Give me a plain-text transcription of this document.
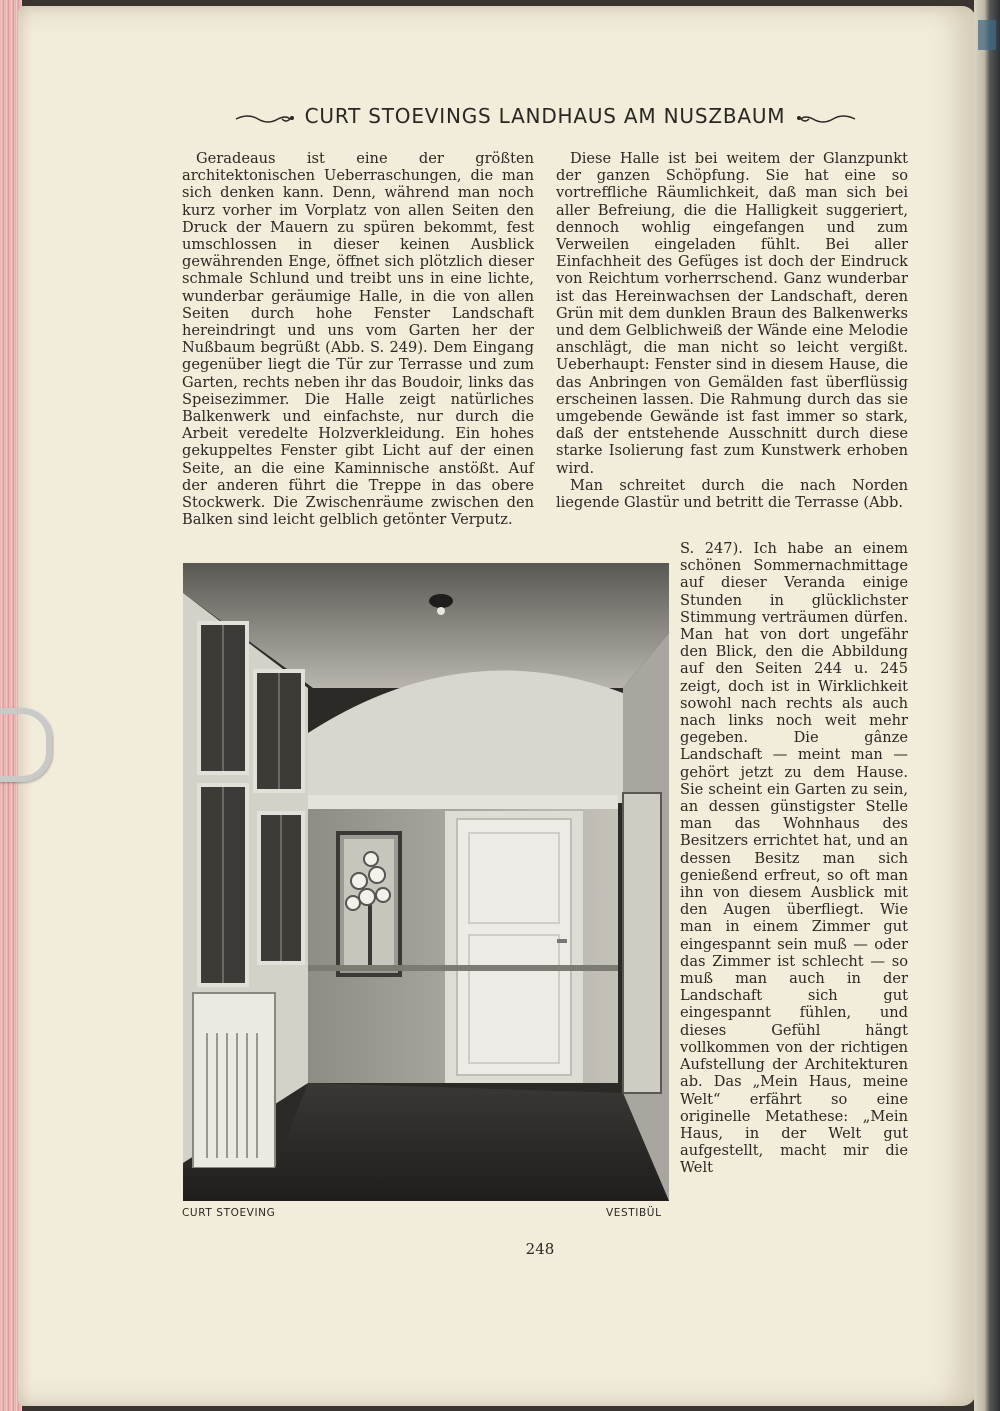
CURT STOEVINGS LANDHAUS AM NUSZBAUM

Geradeaus ist eine der größten architektonischen Ueberraschungen, die man sich denken kann. Denn, während man noch kurz vorher im Vorplatz von allen Seiten den Druck der Mauern zu spüren bekommt, fest umschlossen in dieser keinen Ausblick gewährenden Enge, öffnet sich plötzlich dieser schmale Schlund und treibt uns in eine lichte, wunderbar geräumige Halle, in die von allen Seiten durch hohe Fenster Landschaft hereindringt und uns vom Garten her der Nußbaum begrüßt (Abb. S. 249). Dem Eingang gegenüber liegt die Tür zur Terrasse und zum Garten, rechts neben ihr das Boudoir, links das Speisezimmer. Die Halle zeigt natürliches Balkenwerk und einfachste, nur durch die Arbeit veredelte Holzverkleidung. Ein hohes gekuppeltes Fenster gibt Licht auf der einen Seite, an die eine Kaminnische anstößt. Auf der anderen führt die Treppe in das obere Stockwerk. Die Zwischenräume zwischen den Balken sind leicht gelblich getönter Verputz.

Diese Halle ist bei weitem der Glanzpunkt der ganzen Schöpfung. Sie hat eine so vortreffliche Räumlichkeit, daß man sich bei aller Befreiung, die die Halligkeit suggeriert, dennoch wohlig eingefangen und zum Verweilen eingeladen fühlt. Bei aller Einfachheit des Gefüges ist doch der Eindruck von Reichtum vorherrschend. Ganz wunderbar ist das Hereinwachsen der Landschaft, deren Grün mit dem dunklen Braun des Balkenwerks und dem Gelblichweiß der Wände eine Melodie anschlägt, die man nicht so leicht vergißt. Ueberhaupt: Fenster sind in diesem Hause, die das Anbringen von Gemälden fast überflüssig erscheinen lassen. Die Rahmung durch das sie umgebende Gewände ist fast immer so stark, daß der entstehende Ausschnitt durch diese starke Isolierung fast zum Kunstwerk erhoben wird.

Man schreitet durch die nach Norden liegende Glastür und betritt die Terrasse (Abb.

S. 247). Ich habe an einem schönen Sommernachmittage auf dieser Veranda einige Stunden in glücklichster Stimmung verträumen dürfen. Man hat von dort ungefähr den Blick, den die Abbildung auf den Seiten 244 u. 245 zeigt, doch ist in Wirklichkeit sowohl nach rechts als auch nach links noch weit mehr gegeben. Die gânze Landschaft — meint man — gehört jetzt zu dem Hause. Sie scheint ein Garten zu sein, an dessen günstigster Stelle man das Wohnhaus des Besitzers errichtet hat, und an dessen Besitz man sich genießend erfreut, so oft man ihn von diesem Ausblick mit den Augen überfliegt. Wie man in einem Zimmer gut eingespannt sein muß — oder das Zimmer ist schlecht — so muß man auch in der Landschaft sich gut eingespannt fühlen, und dieses Gefühl hängt vollkommen von der richtigen Aufstellung der Architekturen ab. Das „Mein Haus, meine Welt“ erfährt so eine originelle Metathese: „Mein Haus, in der Welt gut aufgestellt, macht mir die Welt

CURT STOEVING	VESTIBÜL
248
